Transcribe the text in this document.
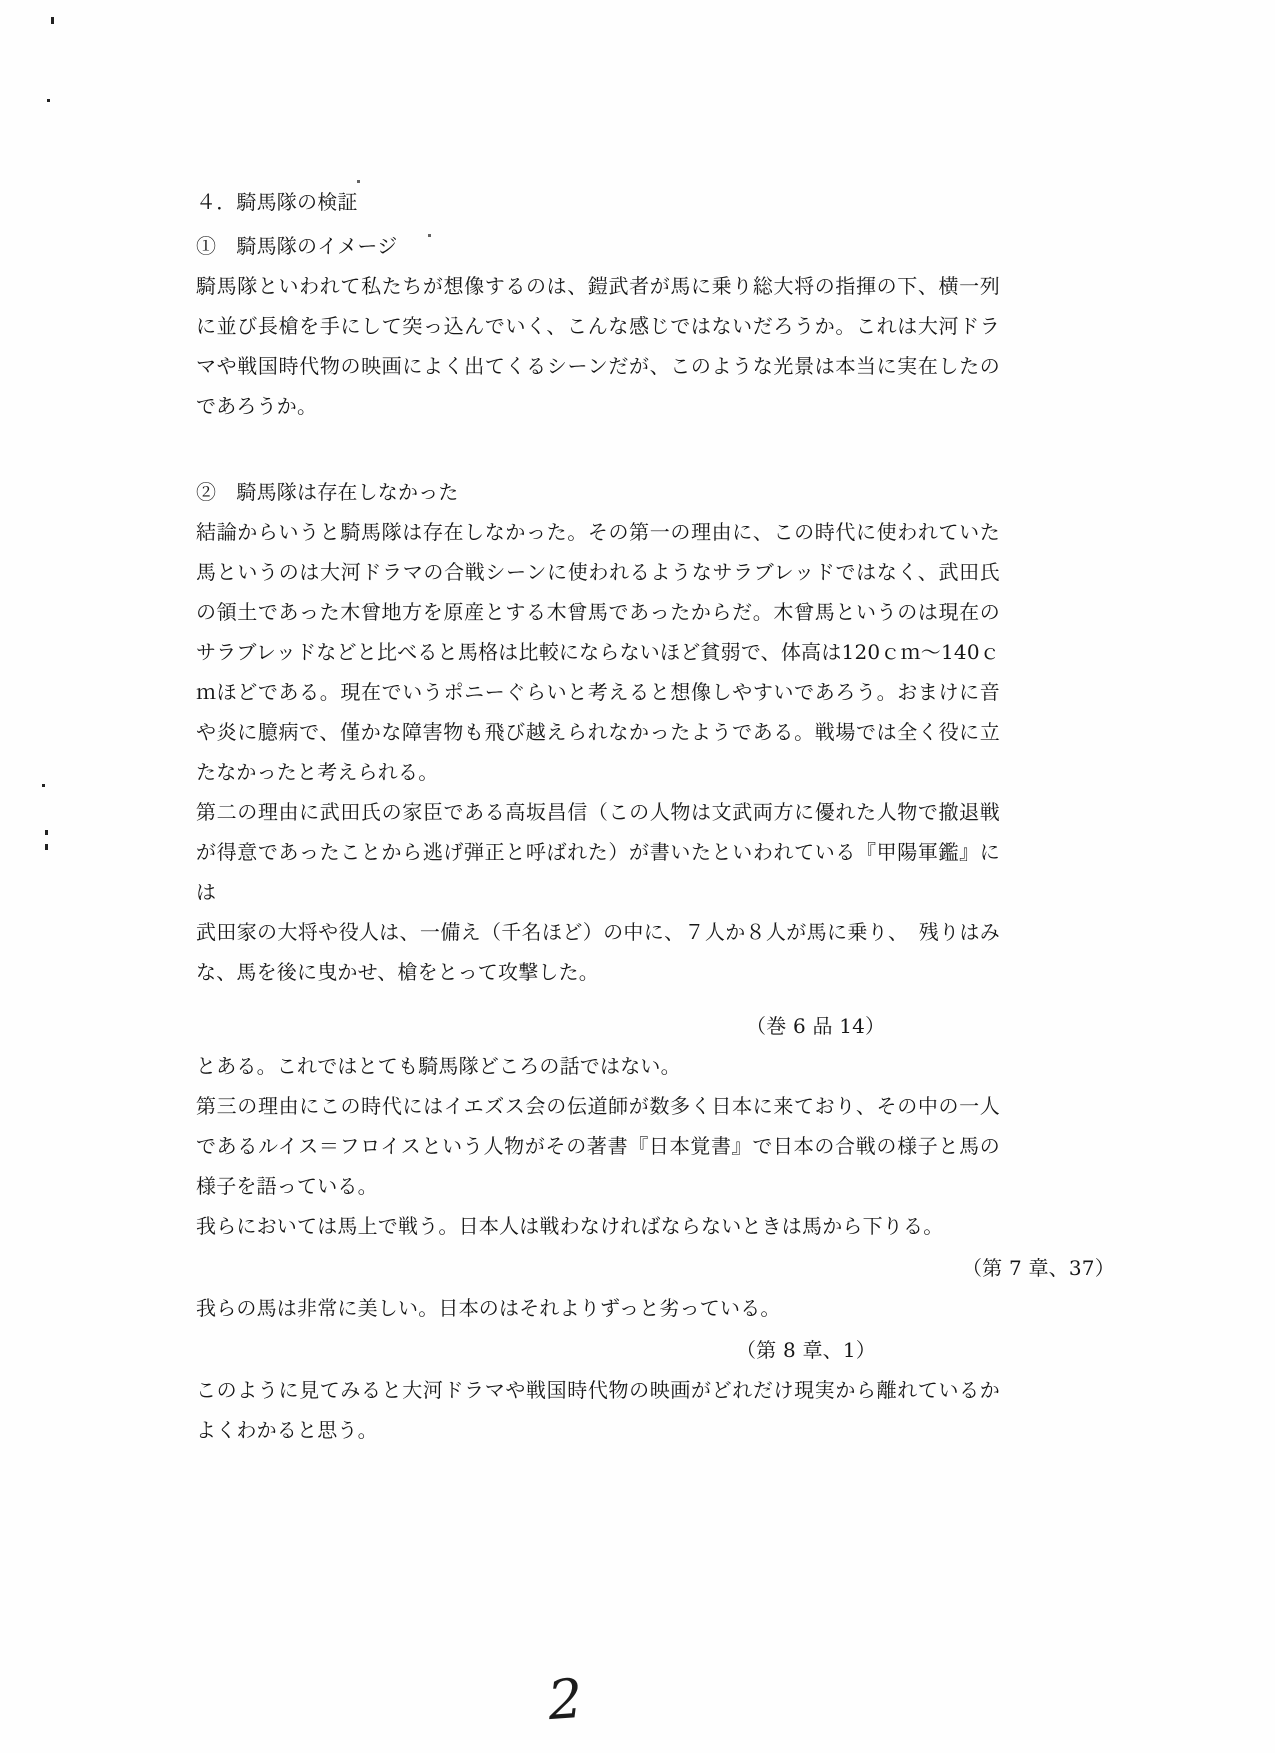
４．騎馬隊の検証
①　騎馬隊のイメージ

騎馬隊といわれて私たちが想像するのは、鎧武者が馬に乗り総大将の指揮の下、横一列に並び長槍を手にして突っ込んでいく、こんな感じではないだろうか。これは大河ドラマや戦国時代物の映画によく出てくるシーンだが、このような光景は本当に実在したのであろうか。

②　騎馬隊は存在しなかった

結論からいうと騎馬隊は存在しなかった。その第一の理由に、この時代に使われていた馬というのは大河ドラマの合戦シーンに使われるようなサラブレッドではなく、武田氏の領土であった木曾地方を原産とする木曾馬であったからだ。木曾馬というのは現在のサラブレッドなどと比べると馬格は比較にならないほど貧弱で、体高は120ｃｍ～140ｃｍほどである。現在でいうポニーぐらいと考えると想像しやすいであろう。おまけに音や炎に臆病で、僅かな障害物も飛び越えられなかったようである。戦場では全く役に立たなかったと考えられる。

第二の理由に武田氏の家臣である高坂昌信（この人物は文武両方に優れた人物で撤退戦が得意であったことから逃げ弾正と呼ばれた）が書いたといわれている『甲陽軍鑑』には

武田家の大将や役人は、一備え（千名ほど）の中に、７人か８人が馬に乗り、　残りはみな、馬を後に曳かせ、槍をとって攻撃した。

（巻 6 品 14）

とある。これではとても騎馬隊どころの話ではない。

第三の理由にこの時代にはイエズス会の伝道師が数多く日本に来ており、その中の一人であるルイス＝フロイスという人物がその著書『日本覚書』で日本の合戦の様子と馬の様子を語っている。

我らにおいては馬上で戦う。日本人は戦わなければならないときは馬から下りる。

（第 7 章、37）

我らの馬は非常に美しい。日本のはそれよりずっと劣っている。

（第 8 章、1）

このように見てみると大河ドラマや戦国時代物の映画がどれだけ現実から離れているかよくわかると思う。

2
